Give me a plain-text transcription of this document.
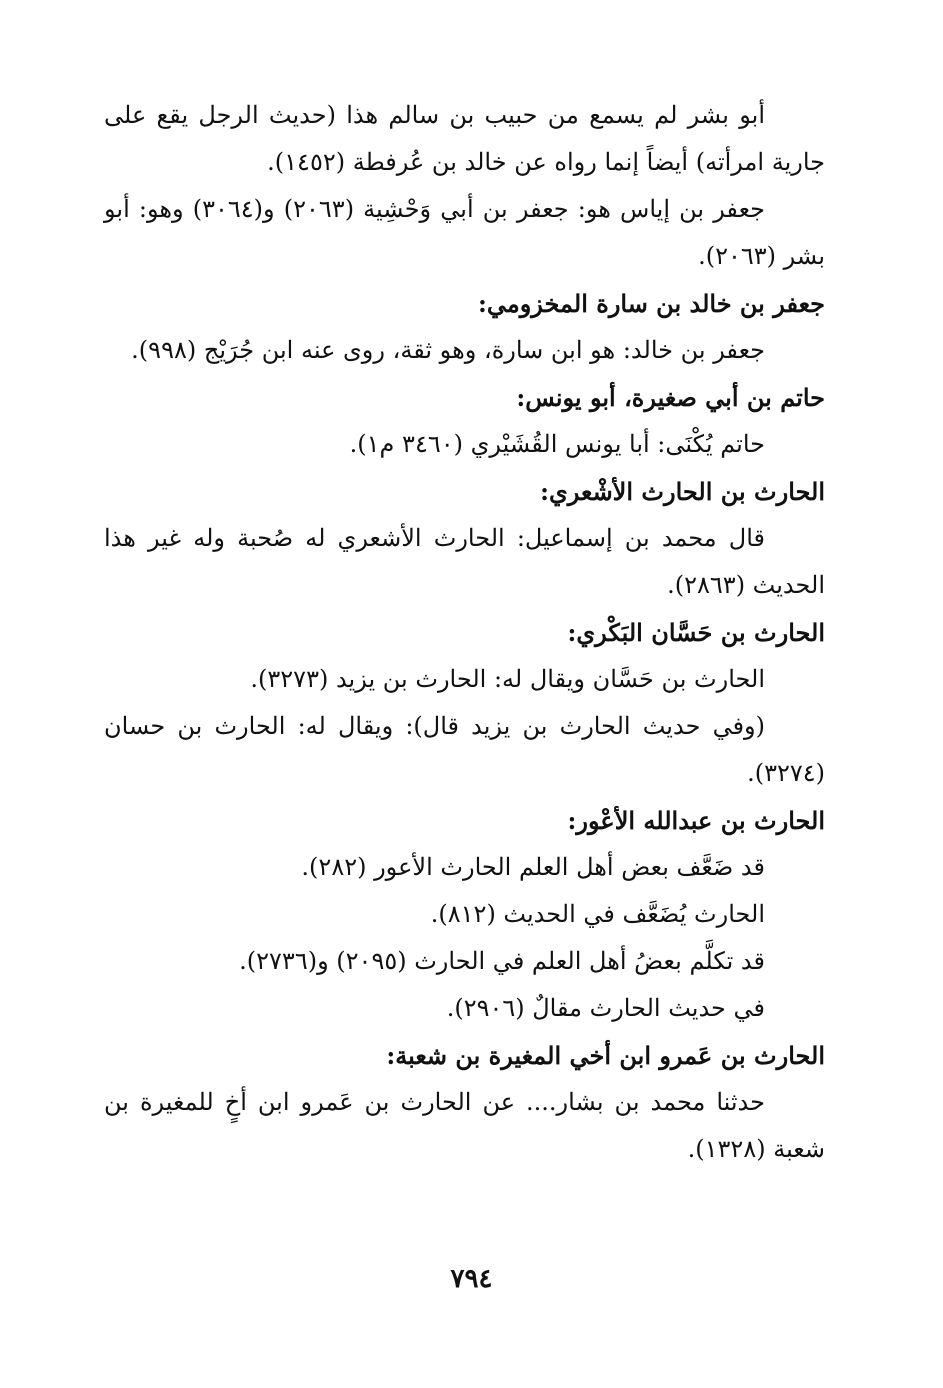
أبو بشر لم يسمع من حبيب بن سالم هذا (حديث الرجل يقع على جارية امرأته) أيضاً إنما رواه عن خالد بن عُرفطة (١٤٥٢).

جعفر بن إياس هو: جعفر بن أبي وَحْشِية (٢٠٦٣) و(٣٠٦٤) وهو: أبو بشر (٢٠٦٣).

جعفر بن خالد بن سارة المخزومي:

جعفر بن خالد: هو ابن سارة، وهو ثقة، روى عنه ابن جُرَيْج (٩٩٨).

حاتم بن أبي صغيرة، أبو يونس:

حاتم يُكْنَى: أبا يونس القُشَيْري (٣٤٦٠ م١).

الحارث بن الحارث الأشْعري:

قال محمد بن إسماعيل: الحارث الأشعري له صُحبة وله غير هذا الحديث (٢٨٦٣).

الحارث بن حَسَّان البَكْري:

الحارث بن حَسَّان ويقال له: الحارث بن يزيد (٣٢٧٣).

(وفي حديث الحارث بن يزيد قال): ويقال له: الحارث بن حسان (٣٢٧٤).

الحارث بن عبدالله الأعْور:

قد ضَعَّف بعض أهل العلم الحارث الأعور (٢٨٢).

الحارث يُضَعَّف في الحديث (٨١٢).

قد تكلَّم بعضُ أهل العلم في الحارث (٢٠٩٥) و(٢٧٣٦).

في حديث الحارث مقالٌ (٢٩٠٦).

الحارث بن عَمرو ابن أخي المغيرة بن شعبة:

حدثنا محمد بن بشار.... عن الحارث بن عَمرو ابن أخٍ للمغيرة بن شعبة (١٣٢٨).

٧٩٤
